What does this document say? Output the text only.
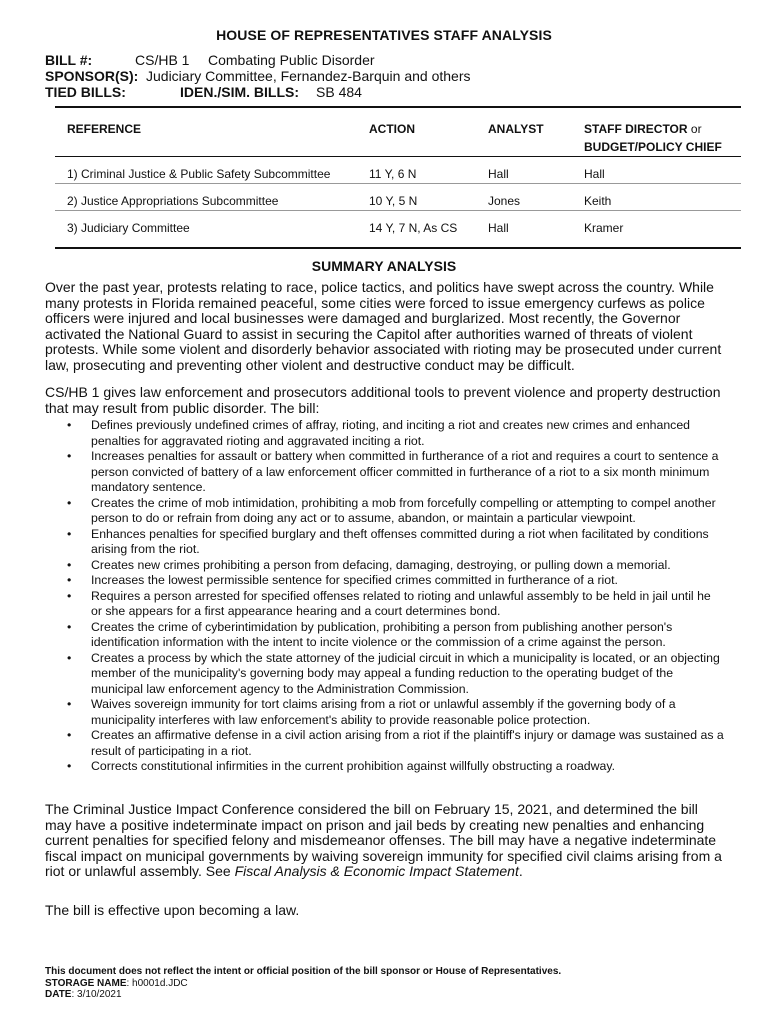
HOUSE OF REPRESENTATIVES STAFF ANALYSIS
BILL #:	CS/HB 1 Combating Public Disorder
SPONSOR(S): Judiciary Committee, Fernandez-Barquin and others
TIED BILLS:	IDEN./SIM. BILLS: SB 484
REFERENCE	ACTION	ANALYST	STAFF DIRECTOR or
BUDGET/POLICY CHIEF
1) Criminal Justice & Public Safety Subcommittee	11 Y, 6 N	Hall	Hall
2) Justice Appropriations Subcommittee	10 Y, 5 N	Jones	Keith
3) Judiciary Committee	14 Y, 7 N, As CS	Hall	Kramer
SUMMARY ANALYSIS

Over the past year, protests relating to race, police tactics, and politics have swept across the country. While many protests in Florida remained peaceful, some cities were forced to issue emergency curfews as police officers were injured and local businesses were damaged and burglarized. Most recently, the Governor activated the National Guard to assist in securing the Capitol after authorities warned of threats of violent protests. While some violent and disorderly behavior associated with rioting may be prosecuted under current law, prosecuting and preventing other violent and destructive conduct may be difficult.

CS/HB 1 gives law enforcement and prosecutors additional tools to prevent violence and property destruction that may result from public disorder. The bill:

• Defines previously undefined crimes of affray, rioting, and inciting a riot and creates new crimes and enhanced penalties for aggravated rioting and aggravated inciting a riot.
• Increases penalties for assault or battery when committed in furtherance of a riot and requires a court to sentence a person convicted of battery of a law enforcement officer committed in furtherance of a riot to a six month minimum mandatory sentence.
• Creates the crime of mob intimidation, prohibiting a mob from forcefully compelling or attempting to compel another person to do or refrain from doing any act or to assume, abandon, or maintain a particular viewpoint.
• Enhances penalties for specified burglary and theft offenses committed during a riot when facilitated by conditions arising from the riot.
• Creates new crimes prohibiting a person from defacing, damaging, destroying, or pulling down a memorial.
• Increases the lowest permissible sentence for specified crimes committed in furtherance of a riot.
• Requires a person arrested for specified offenses related to rioting and unlawful assembly to be held in jail until he or she appears for a first appearance hearing and a court determines bond.
• Creates the crime of cyberintimidation by publication, prohibiting a person from publishing another person's identification information with the intent to incite violence or the commission of a crime against the person.
• Creates a process by which the state attorney of the judicial circuit in which a municipality is located, or an objecting member of the municipality's governing body may appeal a funding reduction to the operating budget of the municipal law enforcement agency to the Administration Commission.
• Waives sovereign immunity for tort claims arising from a riot or unlawful assembly if the governing body of a municipality interferes with law enforcement's ability to provide reasonable police protection.
• Creates an affirmative defense in a civil action arising from a riot if the plaintiff's injury or damage was sustained as a result of participating in a riot.
• Corrects constitutional infirmities in the current prohibition against willfully obstructing a roadway.

The Criminal Justice Impact Conference considered the bill on February 15, 2021, and determined the bill may have a positive indeterminate impact on prison and jail beds by creating new penalties and enhancing current penalties for specified felony and misdemeanor offenses. The bill may have a negative indeterminate fiscal impact on municipal governments by waiving sovereign immunity for specified civil claims arising from a riot or unlawful assembly. See Fiscal Analysis & Economic Impact Statement.

The bill is effective upon becoming a law.

This document does not reflect the intent or official position of the bill sponsor or House of Representatives.
STORAGE NAME: h0001d.JDC
DATE: 3/10/2021
